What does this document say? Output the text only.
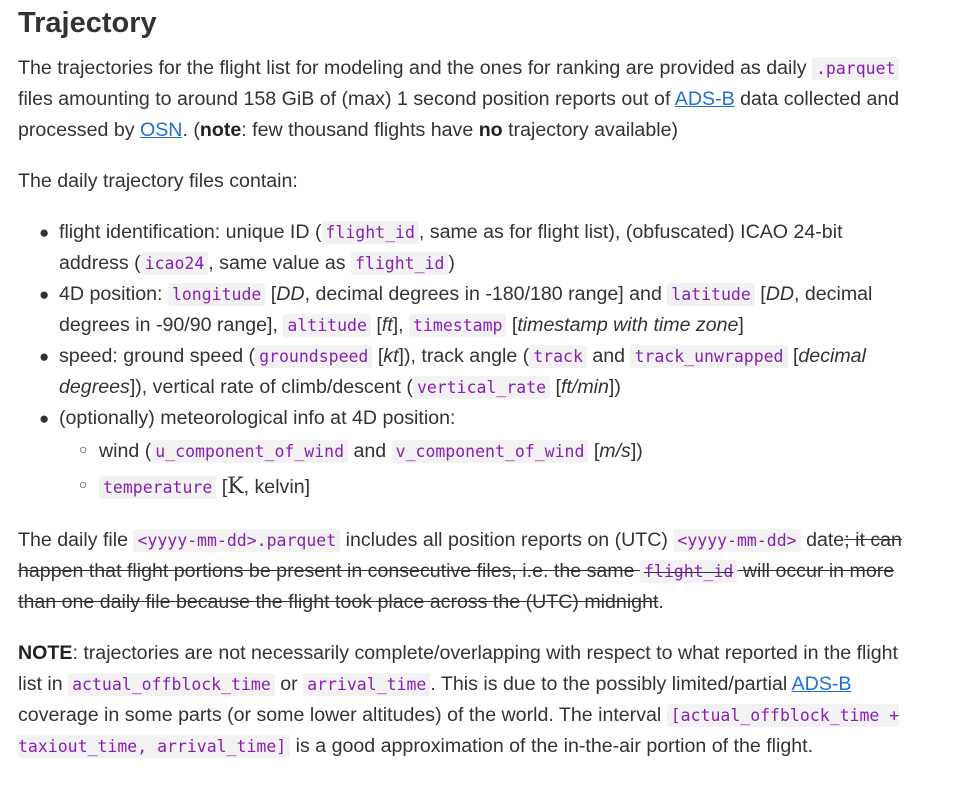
Trajectory

The trajectories for the flight list for modeling and the ones for ranking are provided as daily .parquet files amounting to around 158 GiB of (max) 1 second position reports out of ADS-B data collected and processed by OSN. (note: few thousand flights have no trajectory available)

The daily trajectory files contain:

● flight identification: unique ID ( flight_id , same as for flight list), (obfuscated) ICAO 24-bit address ( icao24 , same value as flight_id )
● 4D position: longitude [DD, decimal degrees in -180/180 range] and latitude [DD, decimal degrees in -90/90 range], altitude [ft], timestamp [timestamp with time zone]
● speed: ground speed ( groundspeed [kt]), track angle ( track and track_unwrapped [decimal degrees]), vertical rate of climb/descent ( vertical_rate [ft/min])
● (optionally) meteorological info at 4D position:
○ wind ( u_component_of_wind and v_component_of_wind [m/s])
○ temperature [K, kelvin]

The daily file <yyyy-mm-dd>.parquet includes all position reports on (UTC) <yyyy-mm-dd> date; it can happen that flight portions be present in consecutive files, i.e. the same flight_id will occur in more than one daily file because the flight took place across the (UTC) midnight.

NOTE: trajectories are not necessarily complete/overlapping with respect to what reported in the flight list in actual_offblock_time or arrival_time . This is due to the possibly limited/partial ADS-B coverage in some parts (or some lower altitudes) of the world. The interval [actual_offblock_time + taxiout_time, arrival_time] is a good approximation of the in-the-air portion of the flight.
